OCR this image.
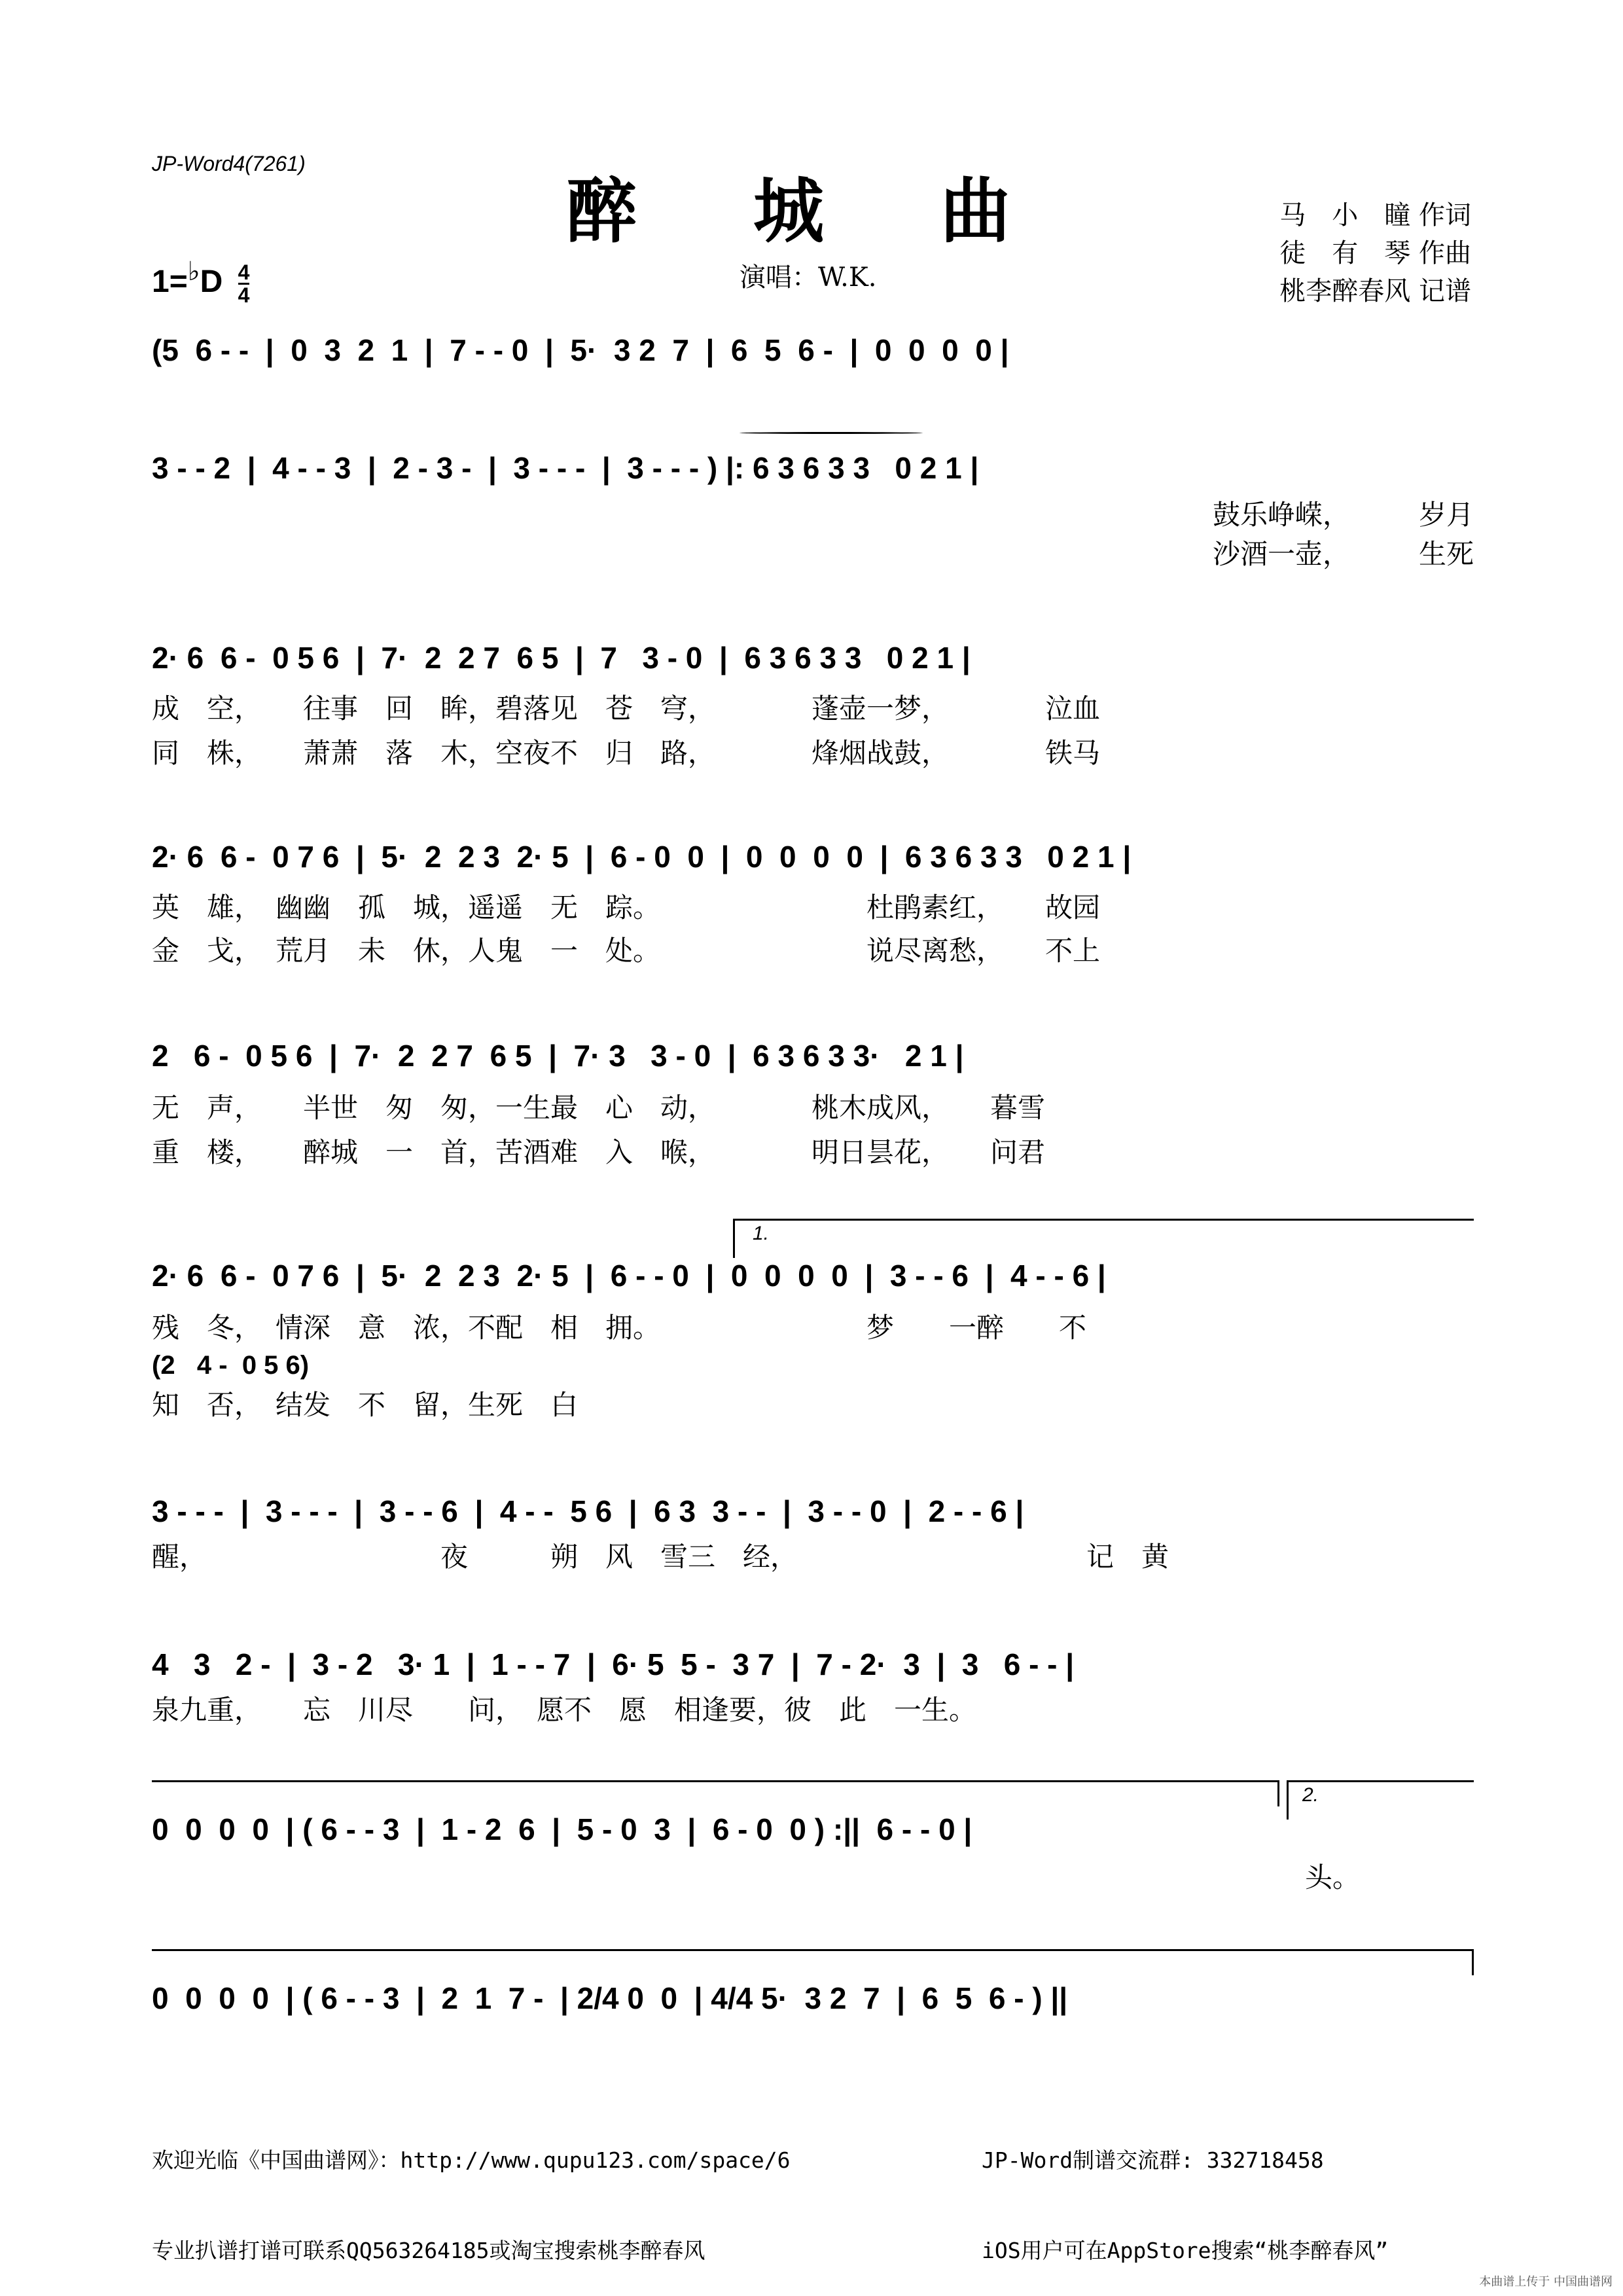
JP-Word4(7261)
醉 城 曲	马　小　瞳 作词
徒　有　琴 作曲
桃李醉春风 记谱
$1=^♭D \frac{4}{4}$	演唱：W.K.
(5  6 - -  |  0  3  2  1  |  7 - - 0  |  5·  3 2  7  |  6  5  6 -  |  0  0  0  0 |
3 - - 2  |  4 - - 3  |  2 - 3 -  |  3 - - -  |  3 - - - ) |: 6 3 6 3 3   0 2 1 |
鼓乐峥嵘，　　　岁月
沙酒一壶，　　　生死
2· 6  6 -  0 5 6  |  7·  2  2 7  6 5  |  7   3 - 0  |  6 3 6 3 3   0 2 1 |
成　空，　　往事　回　眸，碧落见　苍　穹，　　　　蓬壶一梦，　　　　泣血
同　株，　　萧萧　落　木，空夜不　归　路，　　　　烽烟战鼓，　　　　铁马
2· 6  6 -  0 7 6  |  5·  2  2 3  2· 5  |  6 - 0  0  |  0  0  0  0  |  6 3 6 3 3   0 2 1 |
英　雄，　幽幽　孤　城，遥遥　无　踪。　　　　　　　　杜鹃素红，　　故园
金　戈，　荒月　未　休，人鬼　一　处。　　　　　　　　说尽离愁，　　不上
2   6 -  0 5 6  |  7·  2  2 7  6 5  |  7· 3   3 - 0  |  6 3 6 3 3·   2 1 |
无　声，　　半世　匆　匆，一生最　心　动，　　　　桃木成风，　　暮雪
重　楼，　　醉城　一　首，苦酒难　入　喉，　　　　明日昙花，　　问君
1.
2· 6  6 -  0 7 6  |  5·  2  2 3  2· 5  |  6 - - 0  |  0  0  0  0  |  3 - - 6  |  4 - - 6 |
残　冬，　情深　意　浓，不配　相　拥。　　　　　　　　梦　　一醉　　不
(2   4 -  0 5 6)
知　否，　结发　不　留，生死　白
3 - - -  |  3 - - -  |  3 - - 6  |  4 - -  5 6  |  6 3  3 - -  |  3 - - 0  |  2 - - 6 |
醒，　　　　　　　　　夜　　　朔　风　雪三　经，　　　　　　　　　　　记　黄
4   3   2 -  |  3 - 2   3· 1  |  1 - - 7  |  6· 5  5 -  3 7  |  7 - 2·  3  |  3   6 - - |
泉九重，　　忘　川尽　　问，　愿不　愿　相逢要，彼　此　一生。
2.
0  0  0  0  | ( 6 - - 3  |  1 - 2  6  |  5 - 0  3  |  6 - 0  0 ) :||  6 - - 0 |
头。
0  0  0  0  | ( 6 - - 3  |  2  1  7 -  | 2/4 0  0  | 4/4 5·  3 2  7  |  6  5  6 - ) ||

欢迎光临《中国曲谱网》：http://www.qupu123.com/space/6

专业扒谱打谱可联系QQ563264185或淘宝搜索桃李醉春风

JP-Word制谱交流群: 332718458

iOS用户可在AppStore搜索“桃李醉春风”

本曲谱上传于 中国曲谱网
